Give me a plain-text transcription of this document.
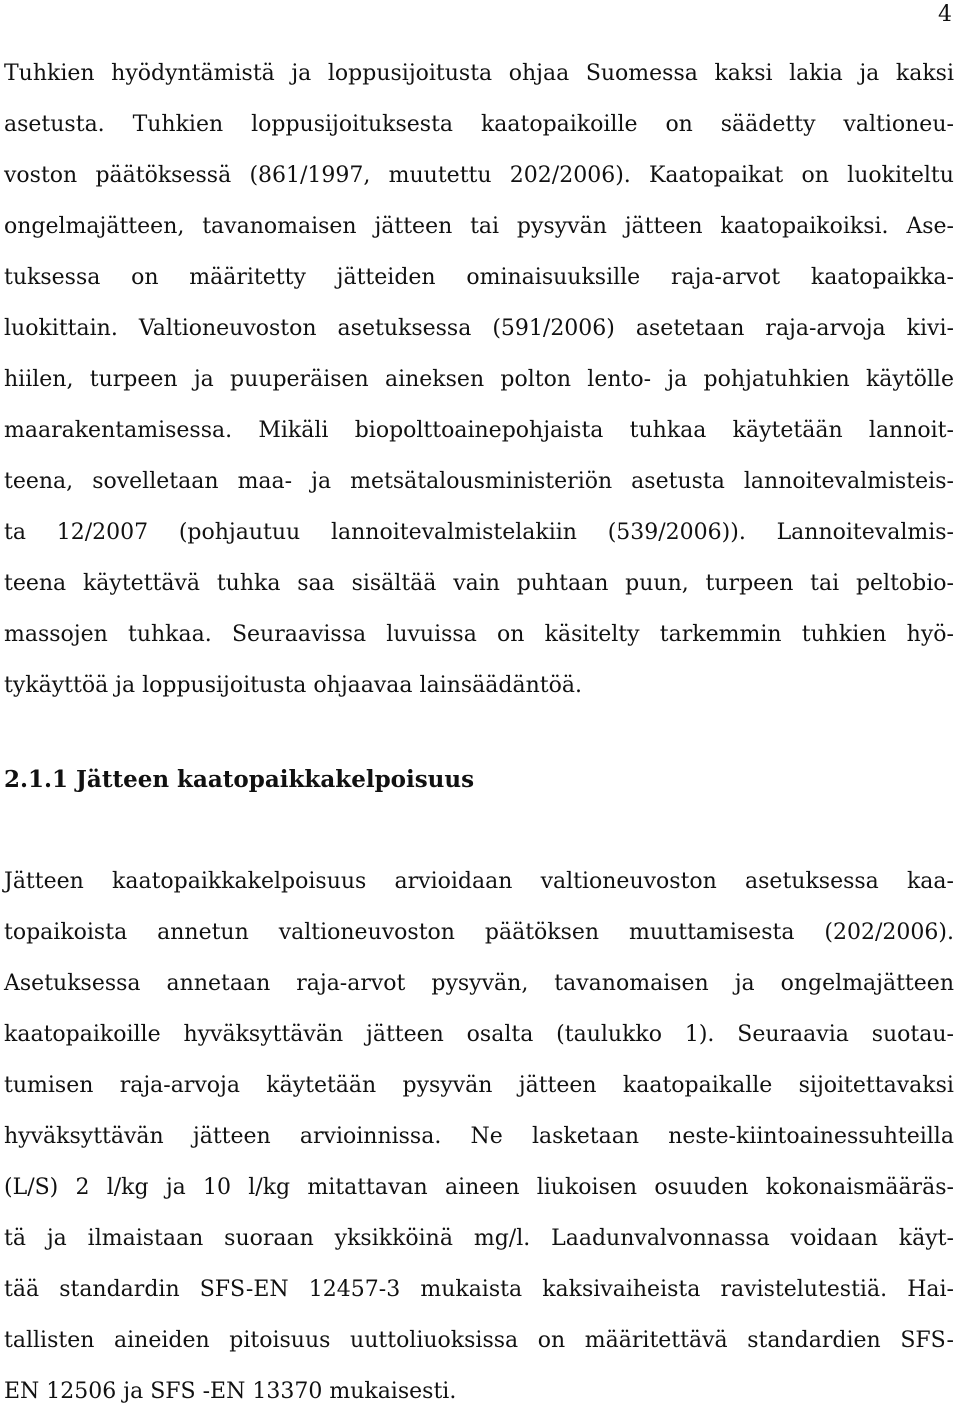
4
Tuhkien hyödyntämistä ja loppusijoitusta ohjaa Suomessa kaksi lakia ja kaksi
asetusta. Tuhkien loppusijoituksesta kaatopaikoille on säädetty valtioneu-
voston päätöksessä (861/1997, muutettu 202/2006). Kaatopaikat on luokiteltu
ongelmajätteen, tavanomaisen jätteen tai pysyvän jätteen kaatopaikoiksi. Ase-
tuksessa on määritetty jätteiden ominaisuuksille raja-arvot kaatopaikka-
luokittain. Valtioneuvoston asetuksessa (591/2006) asetetaan raja-arvoja kivi-
hiilen, turpeen ja puuperäisen aineksen polton lento- ja pohjatuhkien käytölle
maarakentamisessa. Mikäli biopolttoainepohjaista tuhkaa käytetään lannoit-
teena, sovelletaan maa- ja metsätalousministeriön asetusta lannoitevalmisteis-
ta 12/2007 (pohjautuu lannoitevalmistelakiin (539/2006)). Lannoitevalmis-
teena käytettävä tuhka saa sisältää vain puhtaan puun, turpeen tai peltobio-
massojen tuhkaa. Seuraavissa luvuissa on käsitelty tarkemmin tuhkien hyö-
tykäyttöä ja loppusijoitusta ohjaavaa lainsäädäntöä.
2.1.1 Jätteen kaatopaikkakelpoisuus
Jätteen kaatopaikkakelpoisuus arvioidaan valtioneuvoston asetuksessa kaa-
topaikoista annetun valtioneuvoston päätöksen muuttamisesta (202/2006).
Asetuksessa annetaan raja-arvot pysyvän, tavanomaisen ja ongelmajätteen
kaatopaikoille hyväksyttävän jätteen osalta (taulukko 1). Seuraavia suotau-
tumisen raja-arvoja käytetään pysyvän jätteen kaatopaikalle sijoitettavaksi
hyväksyttävän jätteen arvioinnissa. Ne lasketaan neste-kiintoainessuhteilla
(L/S) 2 l/kg ja 10 l/kg mitattavan aineen liukoisen osuuden kokonaismääräs-
tä ja ilmaistaan suoraan yksikköinä mg/l. Laadunvalvonnassa voidaan käyt-
tää standardin SFS-EN 12457-3 mukaista kaksivaiheista ravistelutestiä. Hai-
tallisten aineiden pitoisuus uuttoliuoksissa on määritettävä standardien SFS-
EN 12506 ja SFS -EN 13370 mukaisesti.
